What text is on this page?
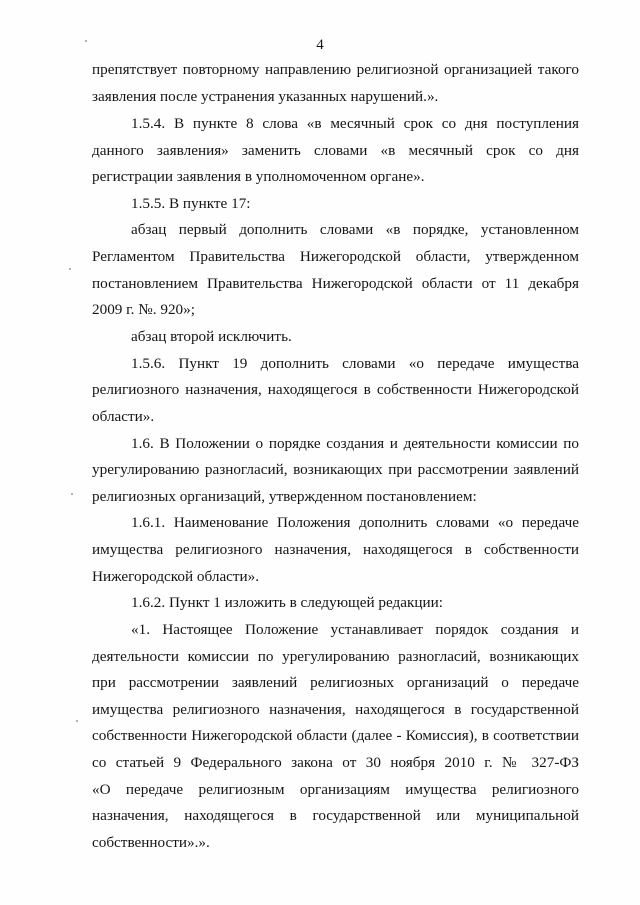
4
препятствует повторному направлению религиозной организацией такого
заявления после устранения указанных нарушений.».
1.5.4. В пункте 8 слова «в месячный срок со дня поступления
данного заявления» заменить словами «в месячный срок со дня
регистрации заявления в уполномоченном органе».
1.5.5. В пункте 17:
абзац первый дополнить словами «в порядке, установленном
Регламентом Правительства Нижегородской области, утвержденном
постановлением Правительства Нижегородской области от 11 декабря
2009 г. №. 920»;
абзац второй исключить.
1.5.6. Пункт 19 дополнить словами «о передаче имущества
религиозного назначения, находящегося в собственности Нижегородской
области».
1.6. В Положении о порядке создания и деятельности комиссии по
урегулированию разногласий, возникающих при рассмотрении заявлений
религиозных организаций, утвержденном постановлением:
1.6.1. Наименование Положения дополнить словами «о передаче
имущества религиозного назначения, находящегося в собственности
Нижегородской области».
1.6.2. Пункт 1 изложить в следующей редакции:
«1. Настоящее Положение устанавливает порядок создания и
деятельности комиссии по урегулированию разногласий, возникающих
при рассмотрении заявлений религиозных организаций о передаче
имущества религиозного назначения, находящегося в государственной
собственности Нижегородской области (далее - Комиссия), в соответствии
со статьей 9 Федерального закона от 30 ноября 2010 г. № 327-ФЗ
«О передаче религиозным организациям имущества религиозного
назначения, находящегося в государственной или муниципальной
собственности».».
